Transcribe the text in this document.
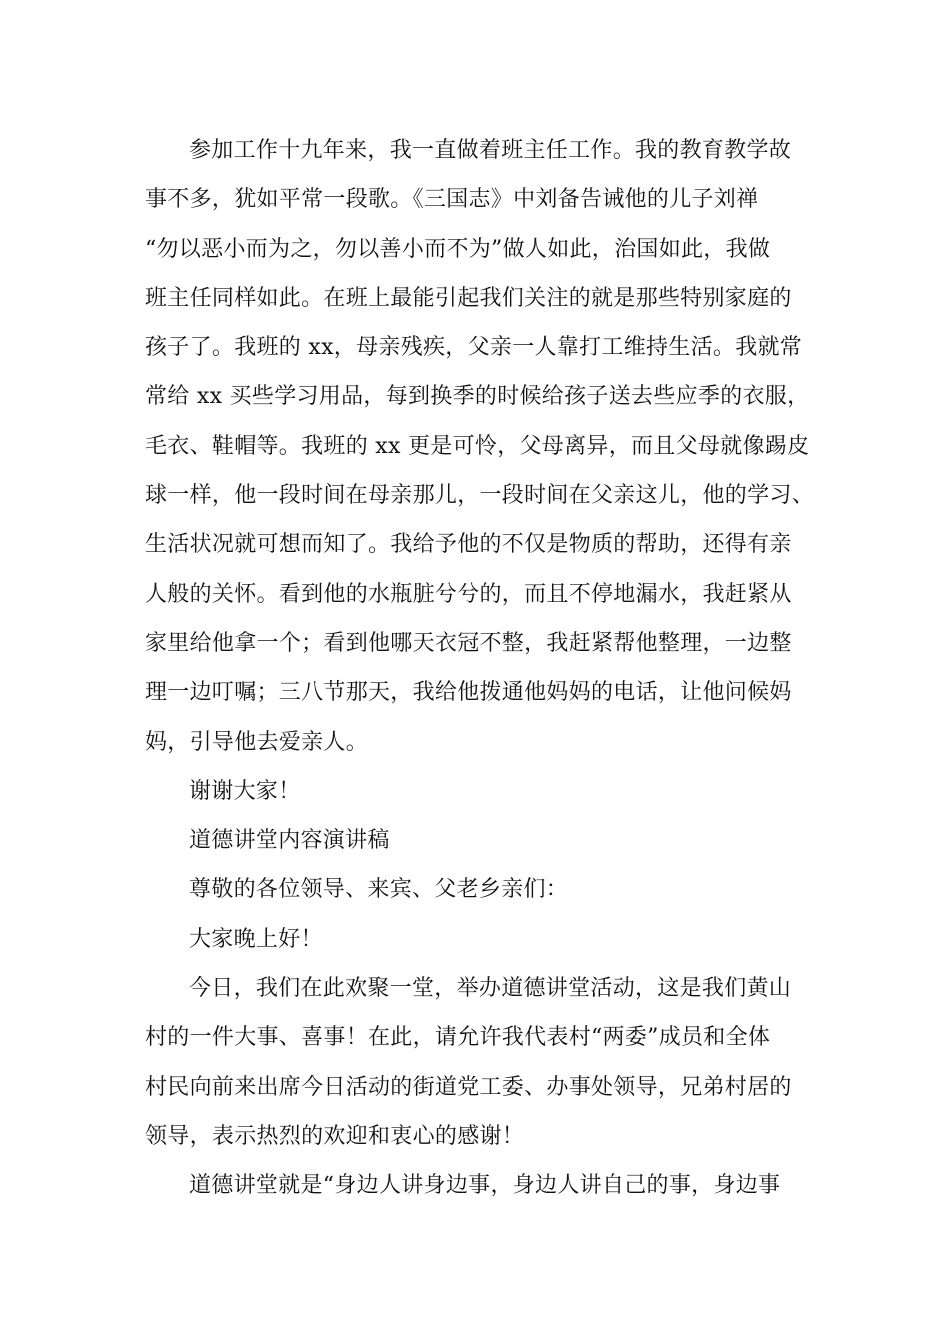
参加工作十九年来，我一直做着班主任工作。我的教育教学故
事不多，犹如平常一段歌。《三国志》中刘备告诫他的儿子刘禅
“勿以恶小而为之，勿以善小而不为”做人如此，治国如此，我做
班主任同样如此。在班上最能引起我们关注的就是那些特别家庭的
孩子了。我班的 xx，母亲残疾，父亲一人靠打工维持生活。我就常
常给 xx 买些学习用品，每到换季的时候给孩子送去些应季的衣服，
毛衣、鞋帽等。我班的 xx 更是可怜，父母离异，而且父母就像踢皮
球一样，他一段时间在母亲那儿，一段时间在父亲这儿，他的学习、
生活状况就可想而知了。我给予他的不仅是物质的帮助，还得有亲
人般的关怀。看到他的水瓶脏兮兮的，而且不停地漏水，我赶紧从
家里给他拿一个；看到他哪天衣冠不整，我赶紧帮他整理，一边整
理一边叮嘱；三八节那天，我给他拨通他妈妈的电话，让他问候妈
妈，引导他去爱亲人。

谢谢大家！

道德讲堂内容演讲稿

尊敬的各位领导、来宾、父老乡亲们：

大家晚上好！

今日，我们在此欢聚一堂，举办道德讲堂活动，这是我们黄山
村的一件大事、喜事！在此，请允许我代表村“两委”成员和全体
村民向前来出席今日活动的街道党工委、办事处领导，兄弟村居的
领导，表示热烈的欢迎和衷心的感谢！

道德讲堂就是“身边人讲身边事，身边人讲自己的事，身边事
